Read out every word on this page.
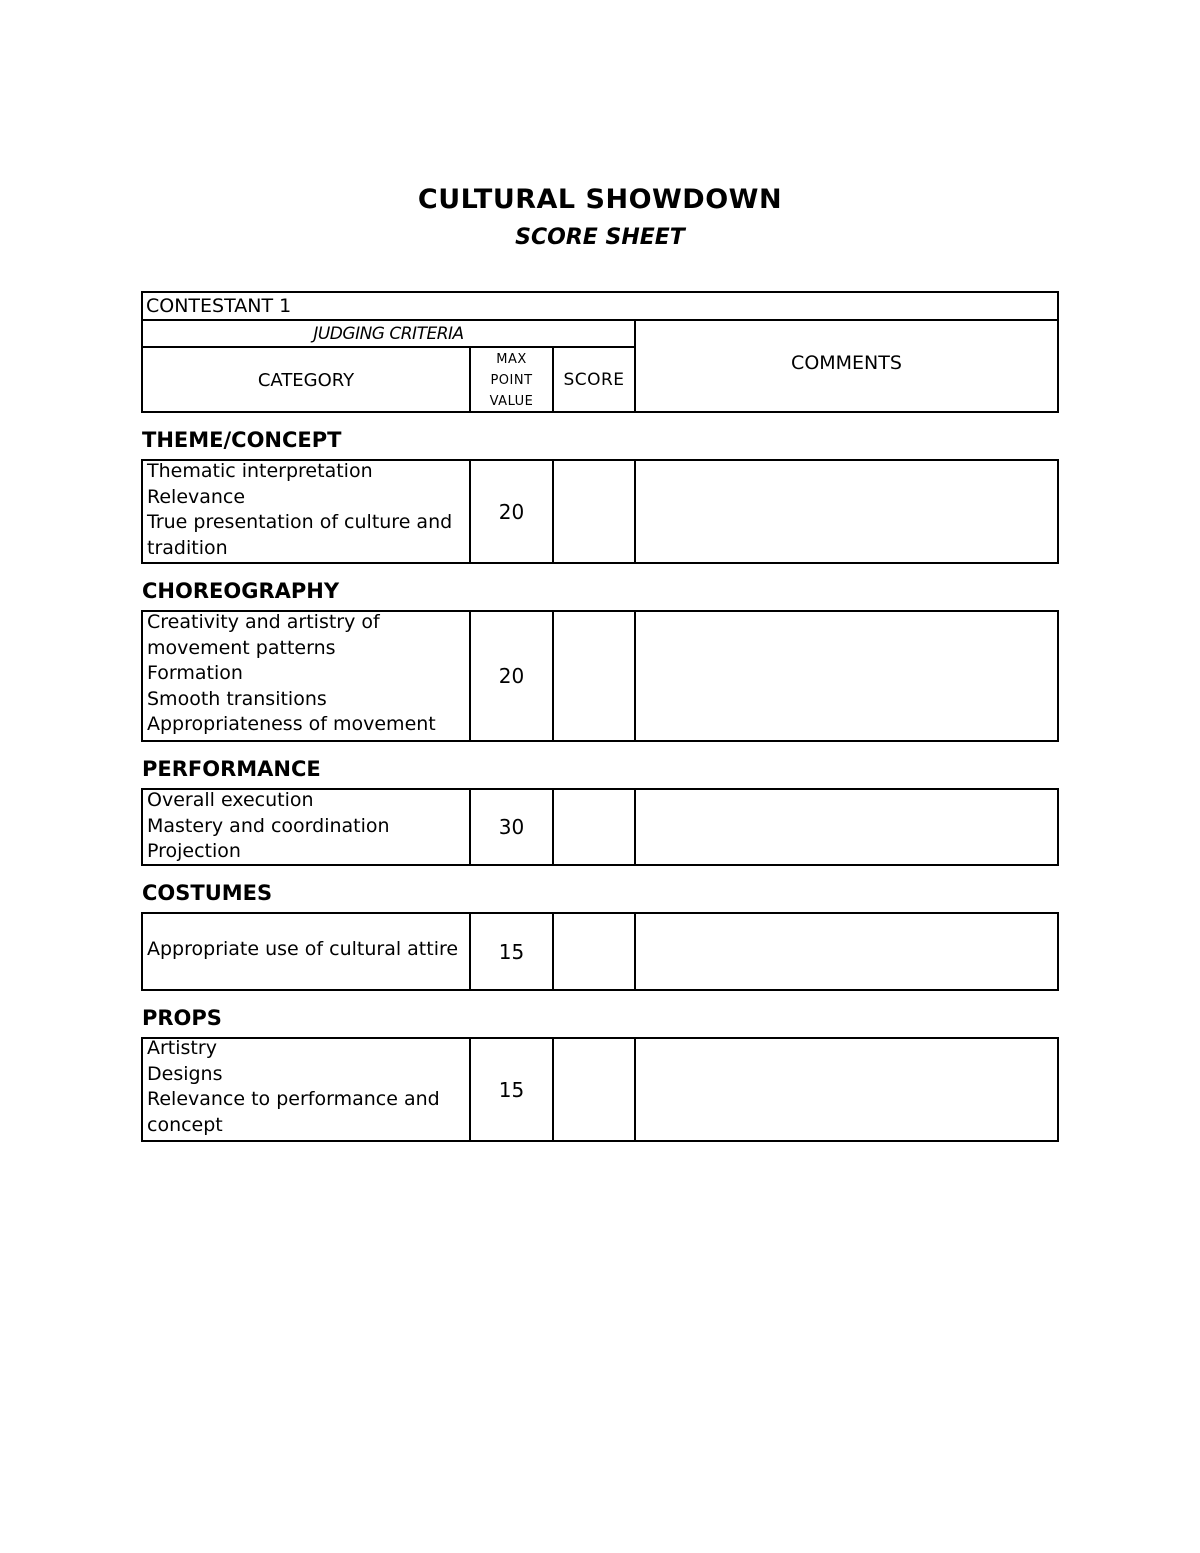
CULTURAL SHOWDOWN
SCORE SHEET
CONTESTANT 1
JUDGING CRITERIA
CATEGORY
MAX
POINT
VALUE
SCORE
COMMENTS
THEME/CONCEPT
Thematic interpretation
Relevance
True presentation of culture and
tradition
20
CHOREOGRAPHY
Creativity and artistry of
movement patterns
Formation
Smooth transitions
Appropriateness of movement
20
PERFORMANCE
Overall execution
Mastery and coordination
Projection
30
COSTUMES
Appropriate use of cultural attire	15
PROPS
Artistry
Designs
Relevance to performance and
concept
15
